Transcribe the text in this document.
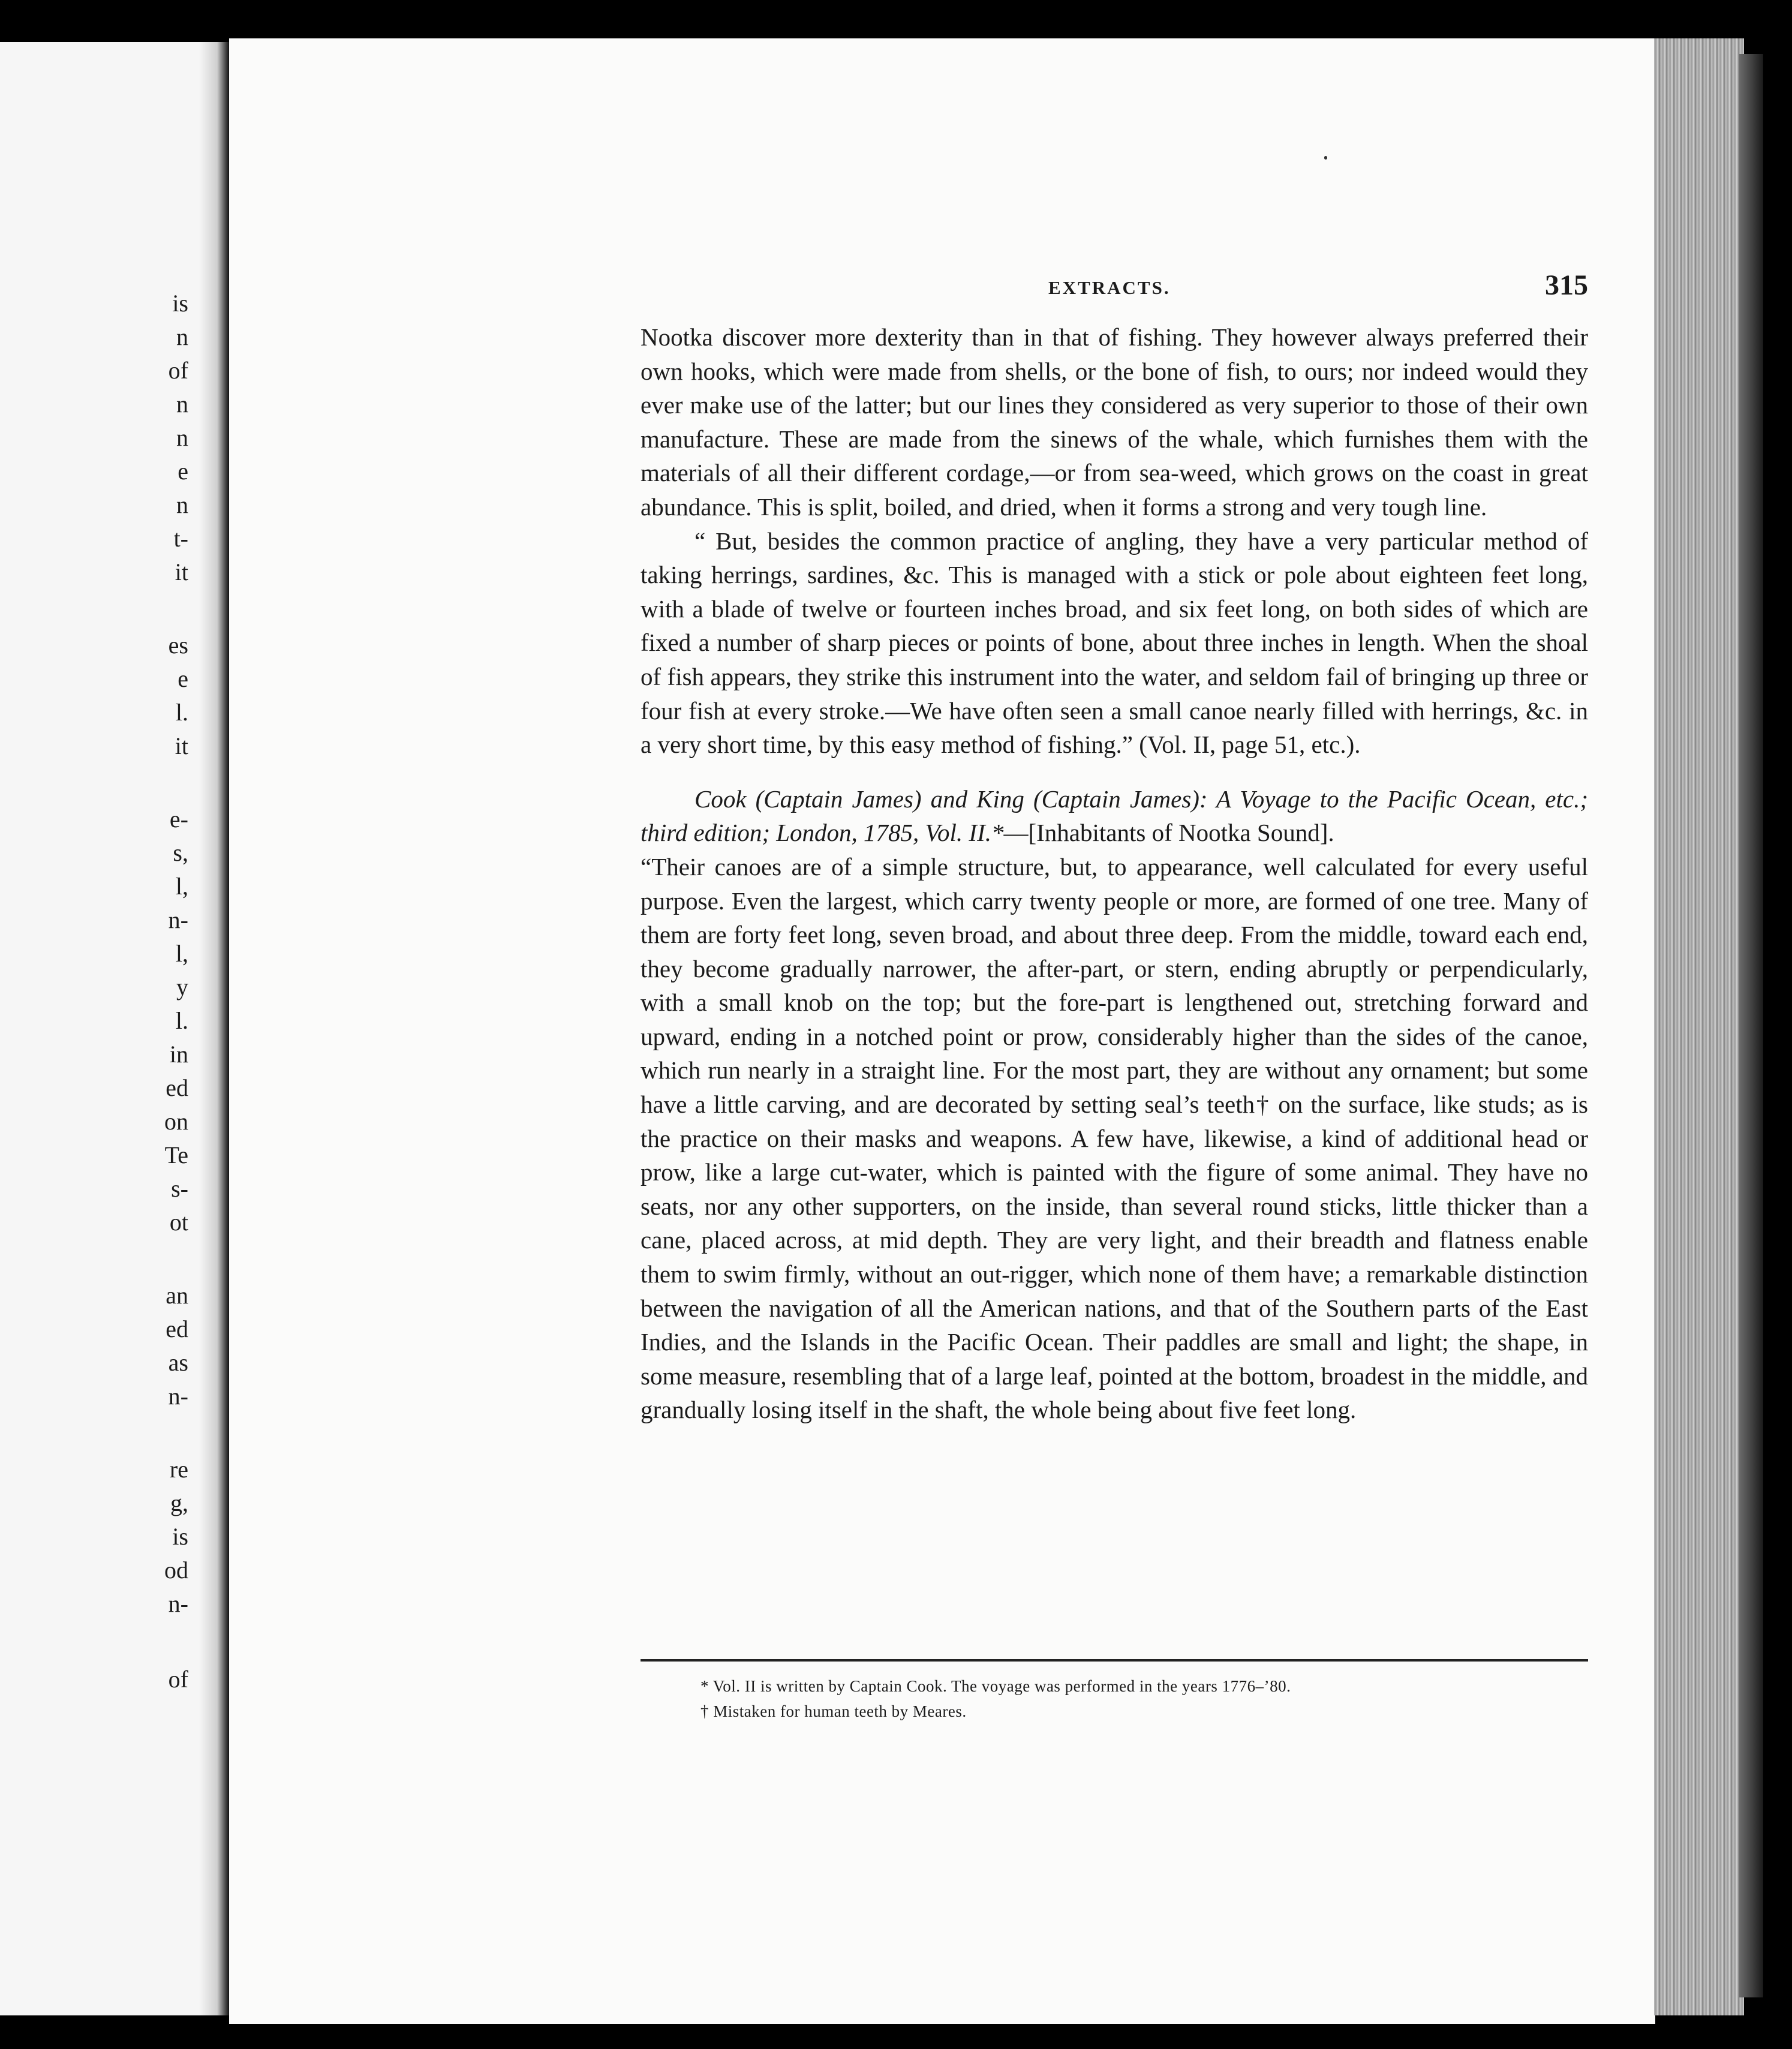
is
n
of
n
n
e
n
t-
it
es
e
l.
it
e-
s,
l,
n-
l,
y
l.
in
ed
on
Te
s-
ot
an
ed
as
n-
re
g,
is
od
n-
of
EXTRACTS.	315

Nootka discover more dexterity than in that of fishing. They however always preferred their own hooks, which were made from shells, or the bone of fish, to ours; nor indeed would they ever make use of the latter; but our lines they considered as very superior to those of their own manufacture. These are made from the sinews of the whale, which furnishes them with the materials of all their different cordage,—or from sea-weed, which grows on the coast in great abundance. This is split, boiled, and dried, when it forms a strong and very tough line.

“ But, besides the common practice of angling, they have a very particular method of taking herrings, sardines, &c. This is managed with a stick or pole about eighteen feet long, with a blade of twelve or fourteen inches broad, and six feet long, on both sides of which are fixed a number of sharp pieces or points of bone, about three inches in length. When the shoal of fish appears, they strike this instrument into the water, and seldom fail of bringing up three or four fish at every stroke.—We have often seen a small canoe nearly filled with herrings, &c. in a very short time, by this easy method of fishing.” (Vol. II, page 51, etc.).

Cook (Captain James) and King (Captain James): A Voyage to the Pacific Ocean, etc.; third edition; London, 1785, Vol. II.*—[Inhabitants of Nootka Sound].

“Their canoes are of a simple structure, but, to appearance, well calculated for every useful purpose. Even the largest, which carry twenty people or more, are formed of one tree. Many of them are forty feet long, seven broad, and about three deep. From the middle, toward each end, they become gradually narrower, the after-part, or stern, ending abruptly or perpendicularly, with a small knob on the top; but the fore-part is lengthened out, stretching forward and upward, ending in a notched point or prow, considerably higher than the sides of the canoe, which run nearly in a straight line. For the most part, they are without any ornament; but some have a little carving, and are decorated by setting seal’s teeth† on the surface, like studs; as is the practice on their masks and weapons. A few have, likewise, a kind of additional head or prow, like a large cut-water, which is painted with the figure of some animal. They have no seats, nor any other supporters, on the inside, than several round sticks, little thicker than a cane, placed across, at mid depth. They are very light, and their breadth and flatness enable them to swim firmly, without an out-rigger, which none of them have; a remarkable distinction between the navigation of all the American nations, and that of the Southern parts of the East Indies, and the Islands in the Pacific Ocean. Their paddles are small and light; the shape, in some measure, resembling that of a large leaf, pointed at the bottom, broadest in the middle, and grandually losing itself in the shaft, the whole being about five feet long.

* Vol. II is written by Captain Cook. The voyage was performed in the years 1776–’80.

† Mistaken for human teeth by Meares.
